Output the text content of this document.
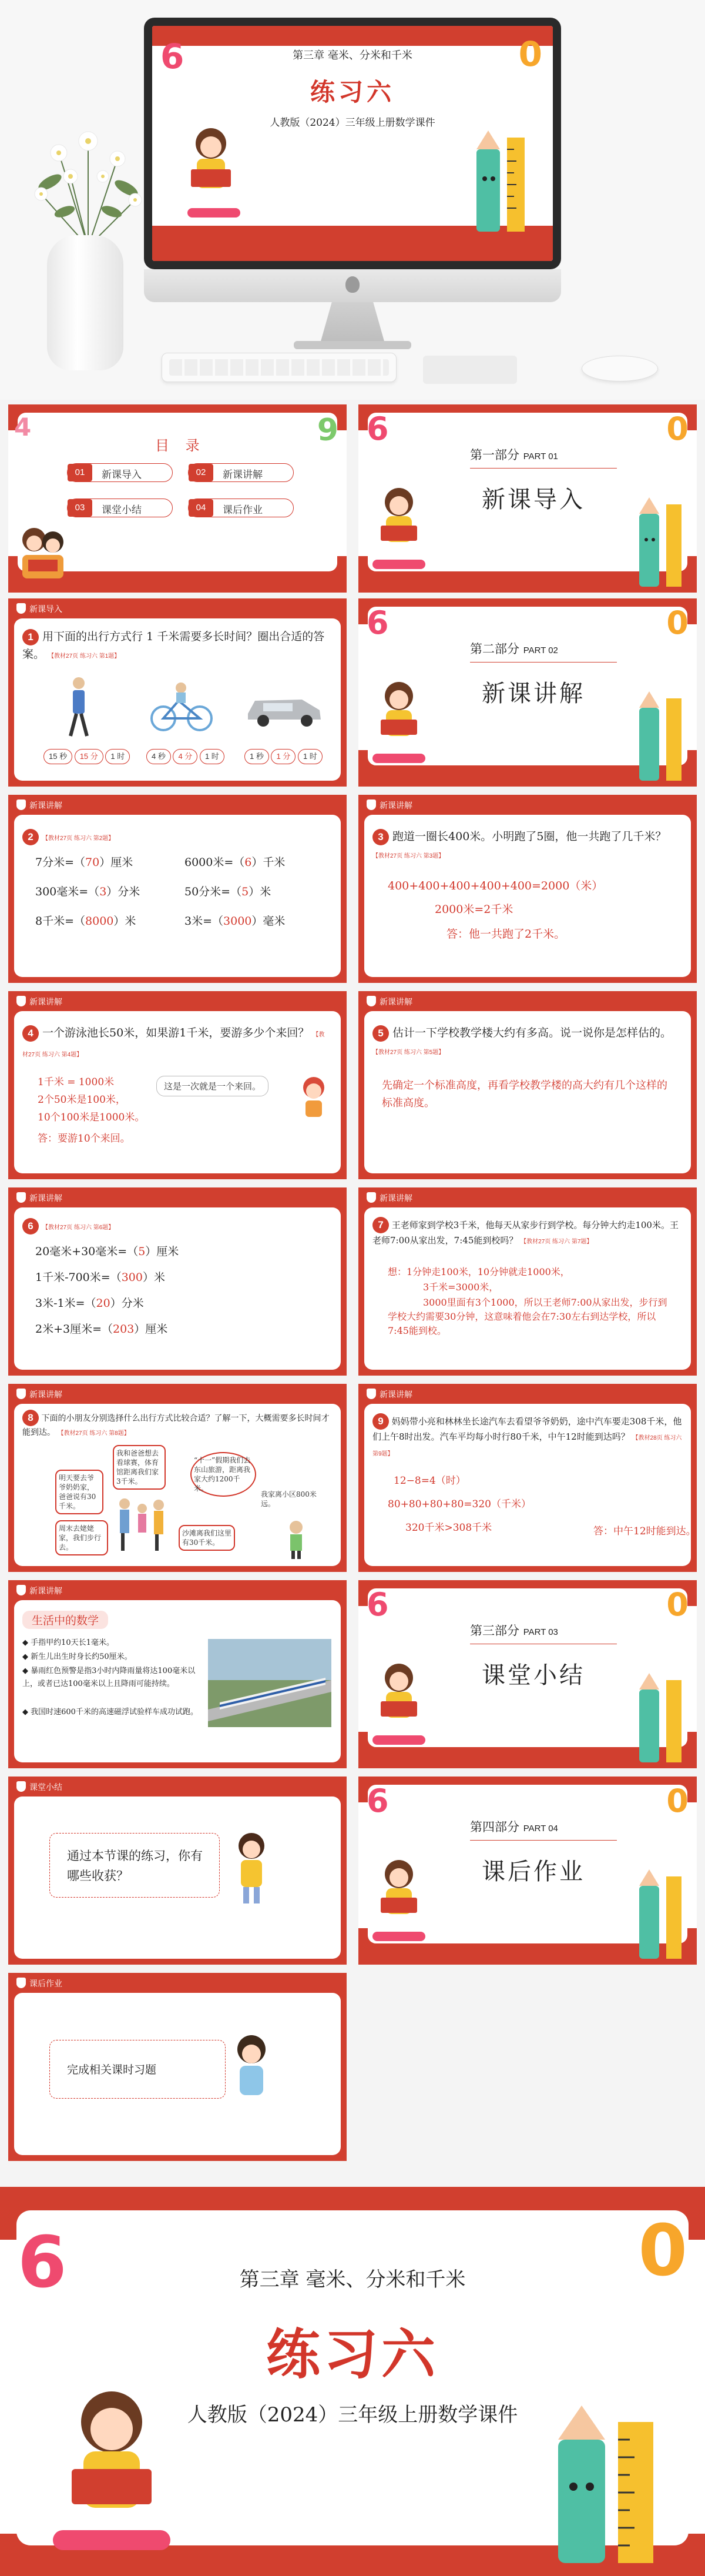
6	0
第三章 毫米、分米和千米
练习六
人教版（2024）三年级上册数学课件
4	9
目 录
01	新课导入	02	新课讲解
03	课堂小结	04	课后作业
6	0
第一部分 PART 01
新课导入
新课导入
1 用下面的出行方式行 1 千米需要多长时间？圈出合适的答案。 【教材27页 练习六 第1题】
15 秒 15 分 1 时	4 秒 4 分 1 时	1 秒 1 分 1 时
6	0
第二部分 PART 02
新课讲解
新课讲解
2 【教材27页 练习六 第2题】
7分米=（70）厘米	6000米=（6）千米
300毫米=（3）分米	50分米=（5）米
8千米=（8000）米	3米=（3000）毫米
新课讲解
3 跑道一圈长400米。小明跑了5圈，他一共跑了几千米？ 【教材27页 练习六 第3题】
400+400+400+400+400=2000（米）
2000米=2千米
答：他一共跑了2千米。
新课讲解
4 一个游泳池长50米，如果游1千米，要游多少个来回？ 【教材27页 练习六 第4题】
1千米 = 1000米
2个50米是100米，
10个100米是1000米。
答：要游10个来回。
这是一次就是一个来回。
新课讲解
5 估计一下学校教学楼大约有多高。说一说你是怎样估的。 【教材27页 练习六 第5题】
先确定一个标准高度，再看学校教学楼的高大约有几个这样的标准高度。
新课讲解
6 【教材27页 练习六 第6题】
20毫米+30毫米=（5）厘米
1千米-700米=（300）米
3米-1米=（20）分米
2米+3厘米=（203）厘米
新课讲解
7 王老师家到学校3千米，他每天从家步行到学校。每分钟大约走100米。王老师7:00从家出发，7:45能到校吗？ 【教材27页 练习六 第7题】
想：1分钟走100米，10分钟就走1000米，
3千米=3000米，
3000里面有3个1000，所以王老师7:00从家出发，步行到学校大约需要30分钟，这意味着他会在7:30左右到达学校，所以7:45能到校。
新课讲解
8 下面的小朋友分别选择什么出行方式比较合适？了解一下，大概需要多长时间才能到达。 【教材27页 练习六 第8题】
明天要去爷爷奶奶家，爸爸说有30千米。
我和爸爸想去看球赛，体育馆距离我们家3千米。
“十一”假期我们去东山旅游，距离我家大约1200千米。
周末去姥姥家，我们步行去。
我家离小区800米远。
沙滩离我们这里有30千米。
新课讲解
9 妈妈带小亮和林林坐长途汽车去看望爷爷奶奶，途中汽车要走308千米，他们上午8时出发。汽车平均每小时行80千米，中午12时能到达吗？ 【教材28页 练习六 第9题】
12−8=4（时）
80+80+80+80=320（千米）
320千米>308千米	答：中午12时能到达。
新课讲解
生活中的数学
◆ 手指甲约10天长1毫米。
◆ 新生儿出生时身长约50厘米。
◆ 暴雨红色预警是指3小时内降雨量将达100毫米以上，或者已达100毫米以上且降雨可能持续。
◆ 我国时速600千米的高速磁浮试验样车成功试跑。
6	0
第三部分 PART 03
课堂小结
课堂小结
通过本节课的练习，你有哪些收获？
6	0
第四部分 PART 04
课后作业
课后作业
完成相关课时习题
6	0
第三章 毫米、分米和千米
练习六
人教版（2024）三年级上册数学课件
